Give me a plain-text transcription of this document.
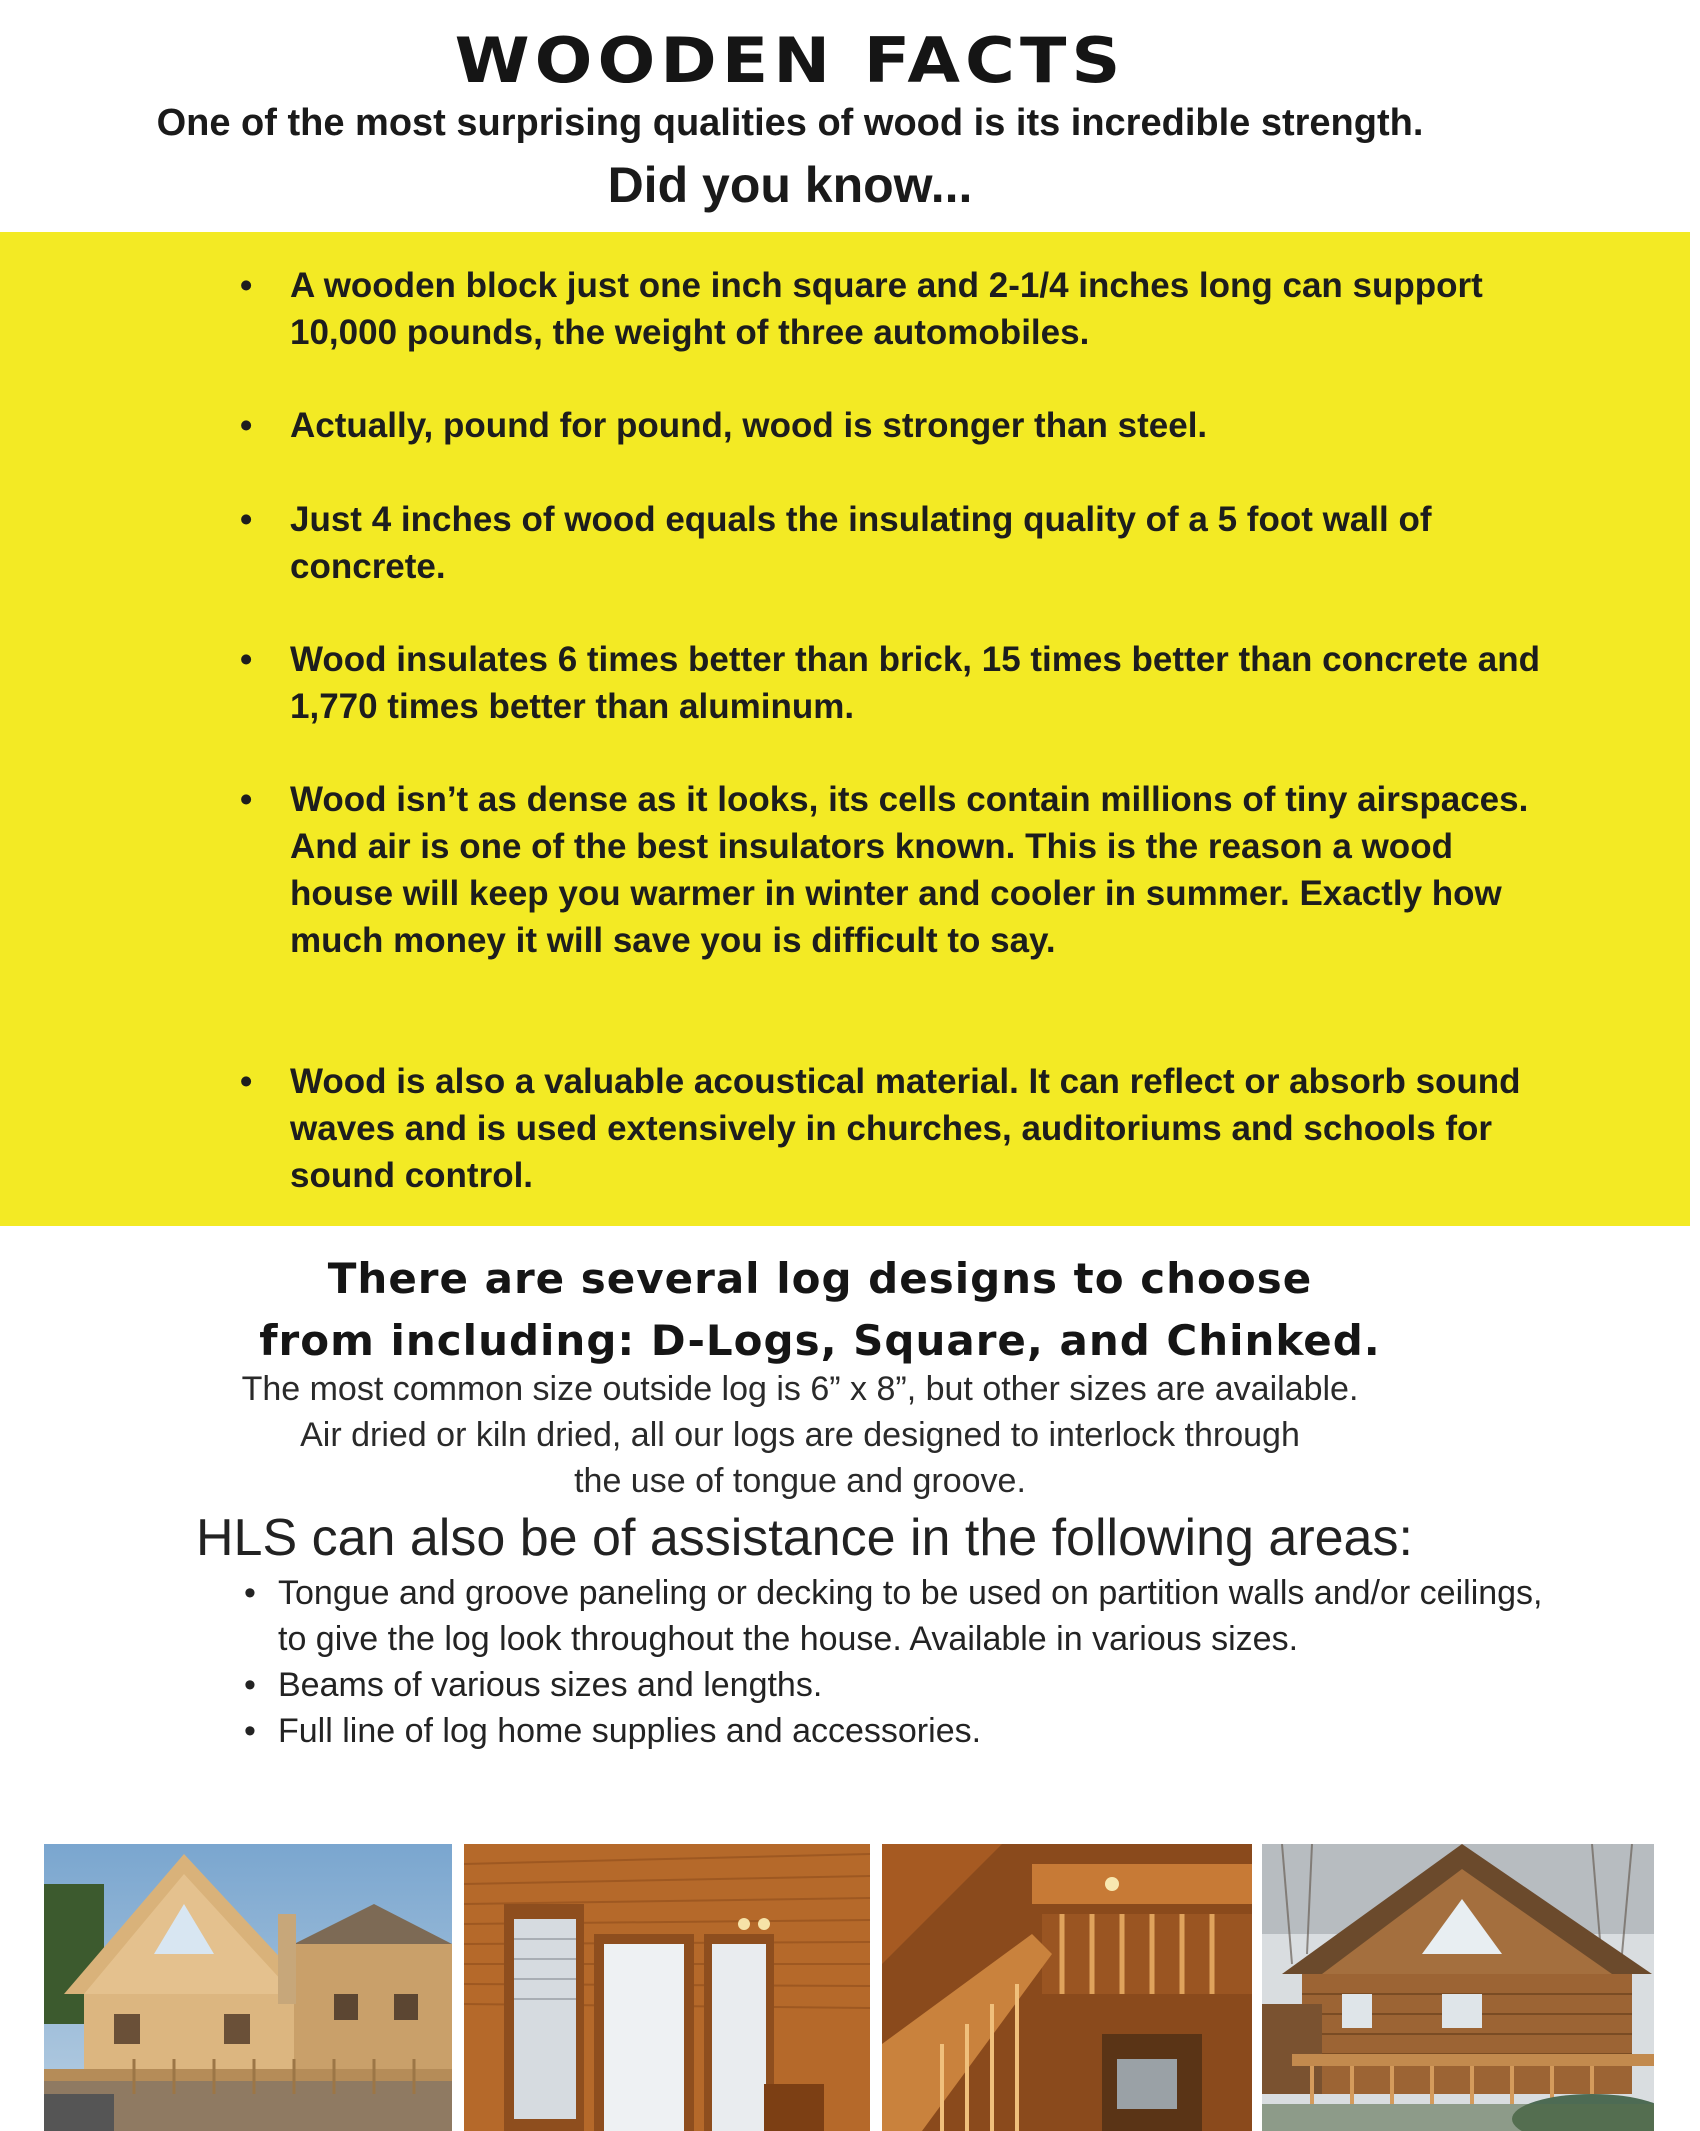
WOODEN FACTS
One of the most surprising qualities of wood is its incredible strength.
Did you know...
•	A wooden block just one inch square and 2-1/4 inches long can support 10,000 pounds, the weight of three automobiles.
•	Actually, pound for pound, wood is stronger than steel.
•	Just 4 inches of wood equals the insulating quality of a 5 foot wall of concrete.
•	Wood insulates 6 times better than brick, 15 times better than concrete and 1,770 times better than aluminum.
•	Wood isn’t as dense as it looks, its cells contain millions of tiny airspaces. And air is one of the best insulators known. This is the reason a wood house will keep you warmer in winter and cooler in summer. Exactly how much money it will save you is difficult to say.
•	Wood is also a valuable acoustical material. It can reflect or absorb sound waves and is used extensively in churches, auditoriums and schools for sound control.
There are several log designs to choose
from including: D-Logs, Square, and Chinked.
The most common size outside log is 6” x 8”, but other sizes are available.
Air dried or kiln dried, all our logs are designed to interlock through
the use of tongue and groove.
HLS can also be of assistance in the following areas:
• Tongue and groove paneling or decking to be used on partition walls and/or ceilings, to give the log look throughout the house. Available in various sizes.
• Beams of various sizes and lengths.
• Full line of log home supplies and accessories.
